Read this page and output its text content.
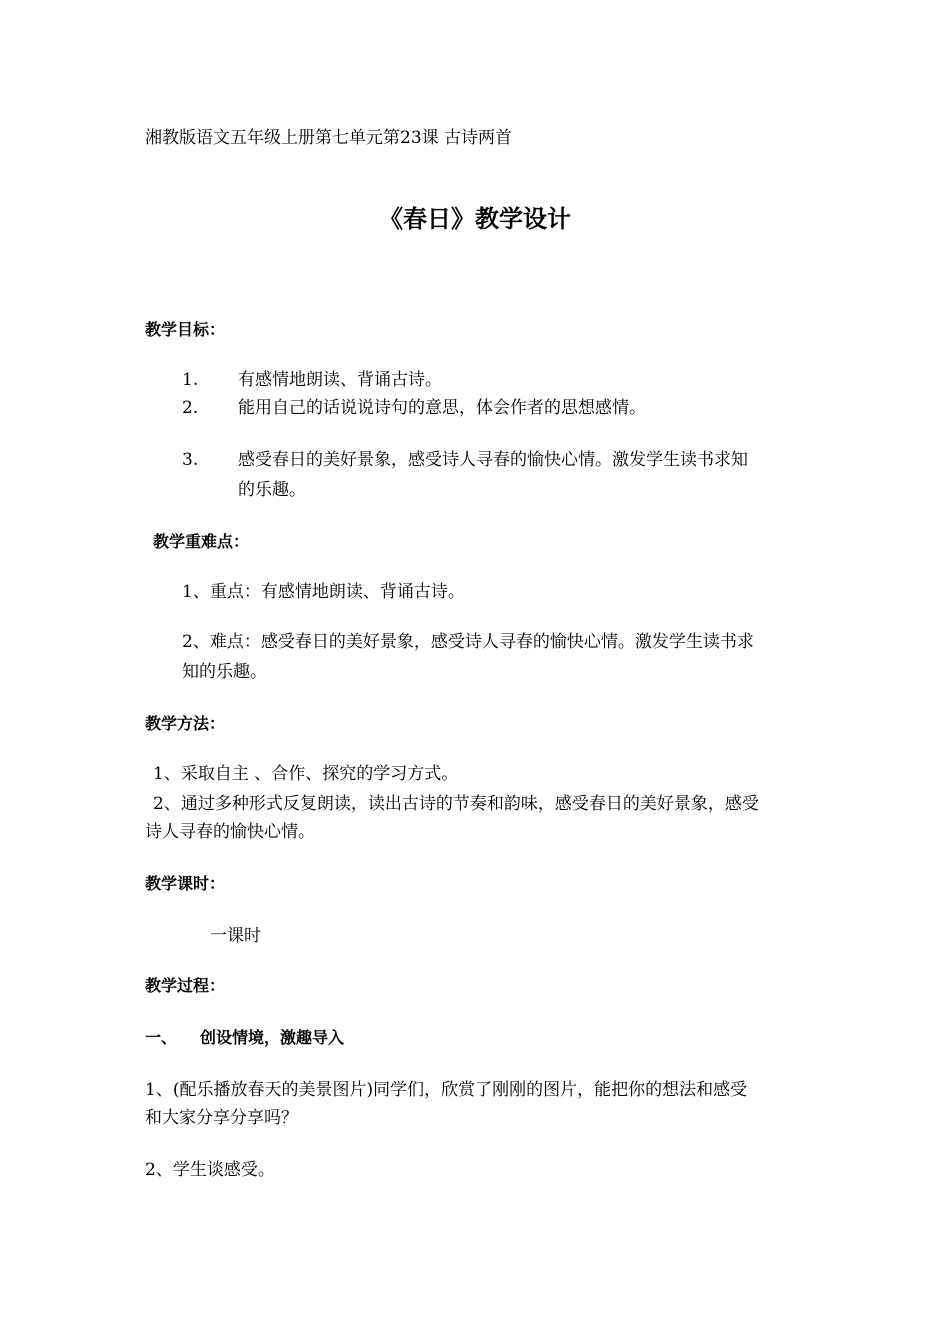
湘教版语文五年级上册第七单元第23课 古诗两首
《春日》教学设计
教学目标：
1. 有感情地朗读、背诵古诗。
2. 能用自己的话说说诗句的意思，体会作者的思想感情。
3. 感受春日的美好景象，感受诗人寻春的愉快心情。激发学生读书求知
的乐趣。
教学重难点：
1、重点：有感情地朗读、背诵古诗。
2、难点：感受春日的美好景象，感受诗人寻春的愉快心情。激发学生读书求
知的乐趣。
教学方法：
1、采取自主 、合作、探究的学习方式。
2、通过多种形式反复朗读，读出古诗的节奏和韵味，感受春日的美好景象，感受
诗人寻春的愉快心情。
教学课时：
一课时
教学过程：
一、 创设情境，激趣导入
1、(配乐播放春天的美景图片)同学们，欣赏了刚刚的图片，能把你的想法和感受
和大家分享分享吗？
2、学生谈感受。
